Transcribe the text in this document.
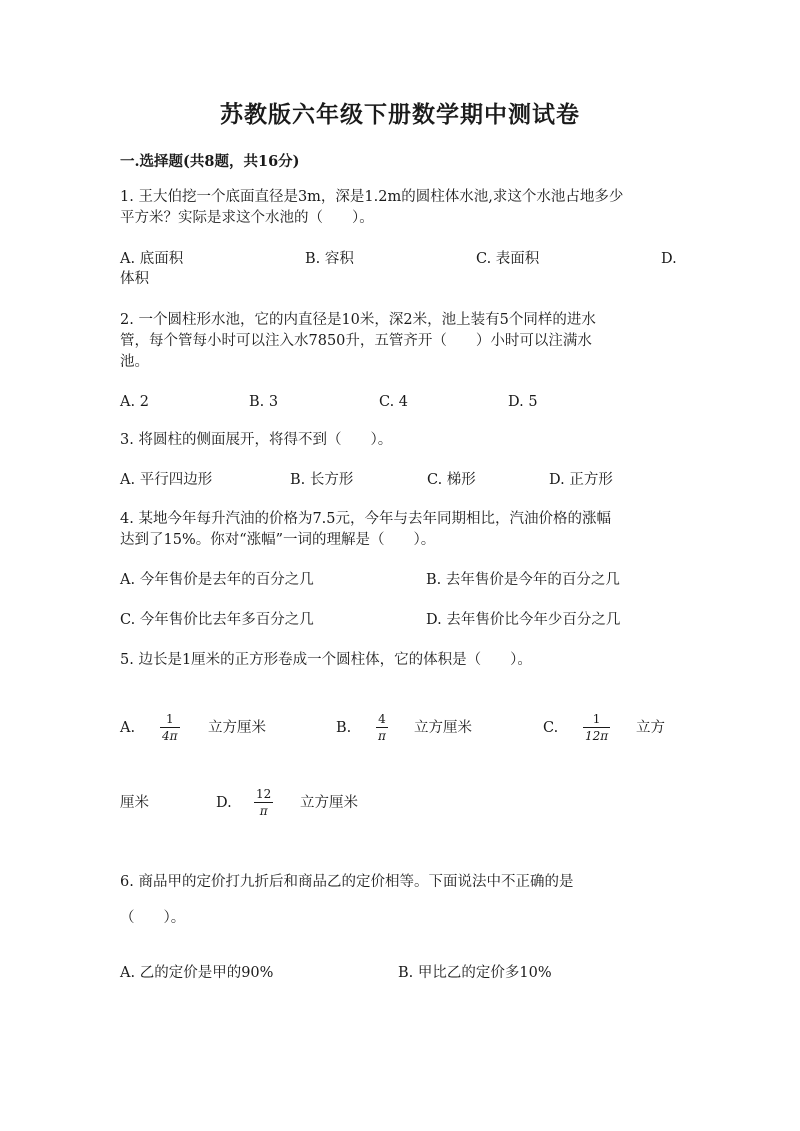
苏教版六年级下册数学期中测试卷
一.选择题(共8题，共16分)
1. 王大伯挖一个底面直径是3m，深是1.2m的圆柱体水池,求这个水池占地多少
平方米？实际是求这个水池的（　　）。
A. 底面积	B. 容积	C. 表面积	D.
体积
2. 一个圆柱形水池，它的内直径是10米，深2米，池上装有5个同样的进水
管，每个管每小时可以注入水7850升，五管齐开（　　）小时可以注满水
池。
A. 2	B. 3	C. 4	D. 5
3. 将圆柱的侧面展开，将得不到（　　）。
A. 平行四边形	B. 长方形	C. 梯形	D. 正方形
4. 某地今年每升汽油的价格为7.5元，今年与去年同期相比，汽油价格的涨幅
达到了15%。你对“涨幅”一词的理解是（　　）。
A. 今年售价是去年的百分之几	B. 去年售价是今年的百分之几
C. 今年售价比去年多百分之几	D. 去年售价比今年少百分之几
5. 边长是1厘米的正方形卷成一个圆柱体，它的体积是（　　）。
A.
1
4π 立方厘米	B.
4
π 立方厘米	C.
1
12π 立方
厘米	D.
12
π 立方厘米
6. 商品甲的定价打九折后和商品乙的定价相等。下面说法中不正确的是
（　　）。
A. 乙的定价是甲的90%	B. 甲比乙的定价多10%
